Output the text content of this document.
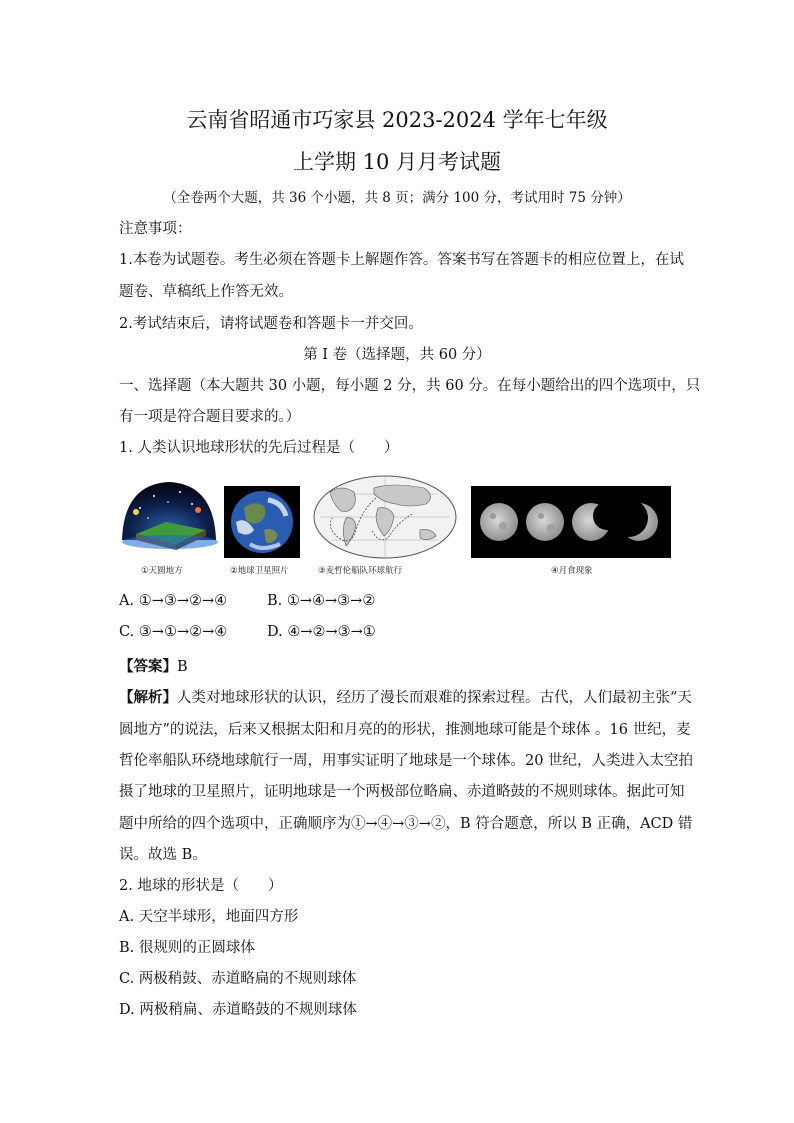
云南省昭通市巧家县 2023-2024 学年七年级
上学期 10 月月考试题
（全卷两个大题，共 36 个小题，共 8 页；满分 100 分，考试用时 75 分钟）
注意事项：
1.本卷为试题卷。考生必须在答题卡上解题作答。答案书写在答题卡的相应位置上，在试
题卷、草稿纸上作答无效。
2.考试结束后，请将试题卷和答题卡一并交回。
第 I 卷（选择题，共 60 分）
一、选择题（本大题共 30 小题，每小题 2 分，共 60 分。在每小题给出的四个选项中，只
有一项是符合题目要求的。）
1. 人类认识地球形状的先后过程是（　　）
①天圆地方	②地球卫星照片	③麦哲伦船队环球航行	④月食现象
A. ①→③→②→④	B. ①→④→③→②
C. ③→①→②→④	D. ④→②→③→①
【答案】B
【解析】人类对地球形状的认识，经历了漫长而艰难的探索过程。古代，人们最初主张“天
圆地方”的说法，后来又根据太阳和月亮的的形状，推测地球可能是个球体 。16 世纪，麦
哲伦率船队环绕地球航行一周，用事实证明了地球是一个球体。20 世纪，人类进入太空拍
摄了地球的卫星照片，证明地球是一个两极部位略扁、赤道略鼓的不规则球体。据此可知
题中所给的四个选项中，正确顺序为①→④→③→②，B 符合题意，所以 B 正确，ACD 错
误。故选 B。
2. 地球的形状是（　　）
A. 天空半球形，地面四方形
B. 很规则的正圆球体
C. 两极稍鼓、赤道略扁的不规则球体
D. 两极稍扁、赤道略鼓的不规则球体
